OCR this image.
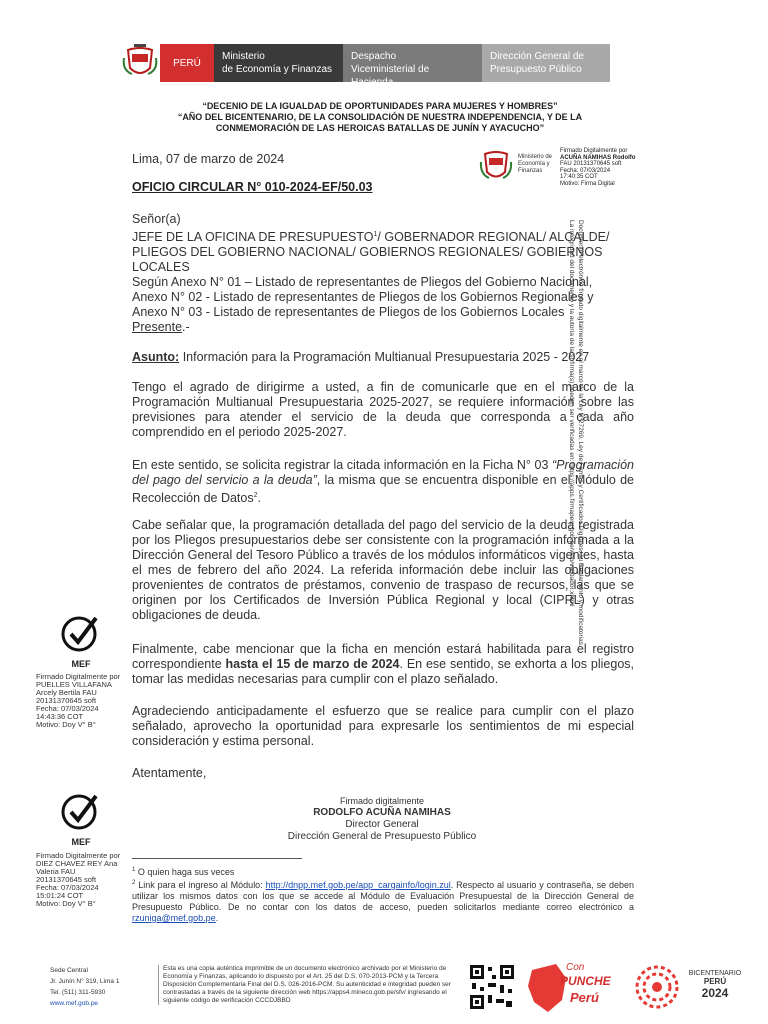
PERÚ
Ministerio
de Economía y Finanzas
Despacho
Viceministerial de Hacienda
Dirección General de
Presupuesto Público
“DECENIO DE LA IGUALDAD DE OPORTUNIDADES PARA MUJERES Y HOMBRES”
“AÑO DEL BICENTENARIO, DE LA CONSOLIDACIÓN DE NUESTRA INDEPENDENCIA, Y DE LA
CONMEMORACIÓN DE LAS HEROICAS BATALLAS DE JUNÍN Y AYACUCHO”
Lima, 07 de marzo de 2024
OFICIO CIRCULAR N° 010-2024-EF/50.03
Ministerio de Economía y Finanzas
Firmado Digitalmente por
ACUÑA NAMIHAS Rodolfo
FAU 20131370645 soft
Fecha: 07/03/2024
17:40:35 COT
Motivo: Firma Digital
Señor(a)
JEFE DE LA OFICINA DE PRESUPUESTO$^1$/ GOBERNADOR REGIONAL/ ALCALDE/
PLIEGOS DEL GOBIERNO NACIONAL/ GOBIERNOS REGIONALES/ GOBIERNOS
LOCALES
Según Anexo N° 01 – Listado de representantes de Pliegos del Gobierno Nacional,
Anexo N° 02 - Listado de representantes de Pliegos de los Gobiernos Regionales y
Anexo N° 03 - Listado de representantes de Pliegos de los Gobiernos Locales
Presente.-
Asunto: Información para la Programación Multianual Presupuestaria 2025 - 2027
Tengo el agrado de dirigirme a usted, a fin de comunicarle que en el marco de la Programación Multianual Presupuestaria 2025-2027, se requiere información sobre las previsiones para atender el servicio de la deuda que corresponda a cada año comprendido en el periodo 2025-2027.
En este sentido, se solicita registrar la citada información en la Ficha N° 03 “Programación del pago del servicio a la deuda”, la misma que se encuentra disponible en el Módulo de Recolección de Datos$^2$.
Cabe señalar que, la programación detallada del pago del servicio de la deuda registrada por los Pliegos presupuestarios debe ser consistente con la programación informada a la Dirección General del Tesoro Público a través de los módulos informáticos vigentes, hasta el mes de febrero del año 2024. La referida información debe incluir las obligaciones provenientes de contratos de préstamos, convenio de traspaso de recursos, las que se originen por los Certificados de Inversión Pública Regional y local (CIPRL) y otras obligaciones de deuda.
Finalmente, cabe mencionar que la ficha en mención estará habilitada para el registro correspondiente hasta el 15 de marzo de 2024. En ese sentido, se exhorta a los pliegos, tomar las medidas necesarias para cumplir con el plazo señalado.
Agradeciendo anticipadamente el esfuerzo que se realice para cumplir con el plazo señalado, aprovecho la oportunidad para expresarle los sentimientos de mi especial consideración y estima personal.
Atentamente,
Firmado digitalmente
RODOLFO ACUÑA NAMIHAS
Director General
Dirección General de Presupuesto Público
MEF
Firmado Digitalmente por
PUELLES VILLAFANA
Arcely Bertila FAU
20131370645 soft
Fecha: 07/03/2024
14:43:36 COT
Motivo: Doy V° B°
MEF
Firmado Digitalmente por
DIEZ CHAVEZ REY Ana
Valeria FAU
20131370645 soft
Fecha: 07/03/2024
15:01:24 COT
Motivo: Doy V° B°
$^1$ O quien haga sus veces
$^2$ Link para el ingreso al Módulo: http://dnpp.mef.gob.pe/app_cargainfo/login.zul. Respecto al usuario y contraseña, se deben utilizar los mismos datos con los que se accede al Módulo de Evaluación Presupuestal de la Dirección General de Presupuesto Público. De no contar con los datos de acceso, pueden solicitarlos mediante correo electrónico a rzuniga@mef.gob.pe.
Documento electrónico firmado digitalmente en el marco de la Ley N°27269, Ley de Firmas y Certificados Digitales, su Reglamento y modificatorias.
La integridad del documento y la autoría de la(s) firma(s) pueden ser verificadas en: https://apps.firmaperu.gob.pe/web/validador.xhtml
Sede Central
Jr. Junín N° 319, Lima 1
Tel. (511) 311-5930
www.mef.gob.pe
Esta es una copia auténtica imprimible de un documento electrónico archivado por el Ministerio de Economía y Finanzas, aplicando lo dispuesto por el Art. 25 del D.S. 070-2013-PCM y la Tercera Disposición Complementaria Final del D.S. 026-2016-PCM. Su autenticidad e integridad pueden ser contrastadas a través de la siguiente dirección web https://apps4.mineco.gob.pe/sfv/ ingresando el siguiente código de verificación CCCDJBBD
Con
PUNCHE
Perú
BICENTENARIO
PERÚ
2024
